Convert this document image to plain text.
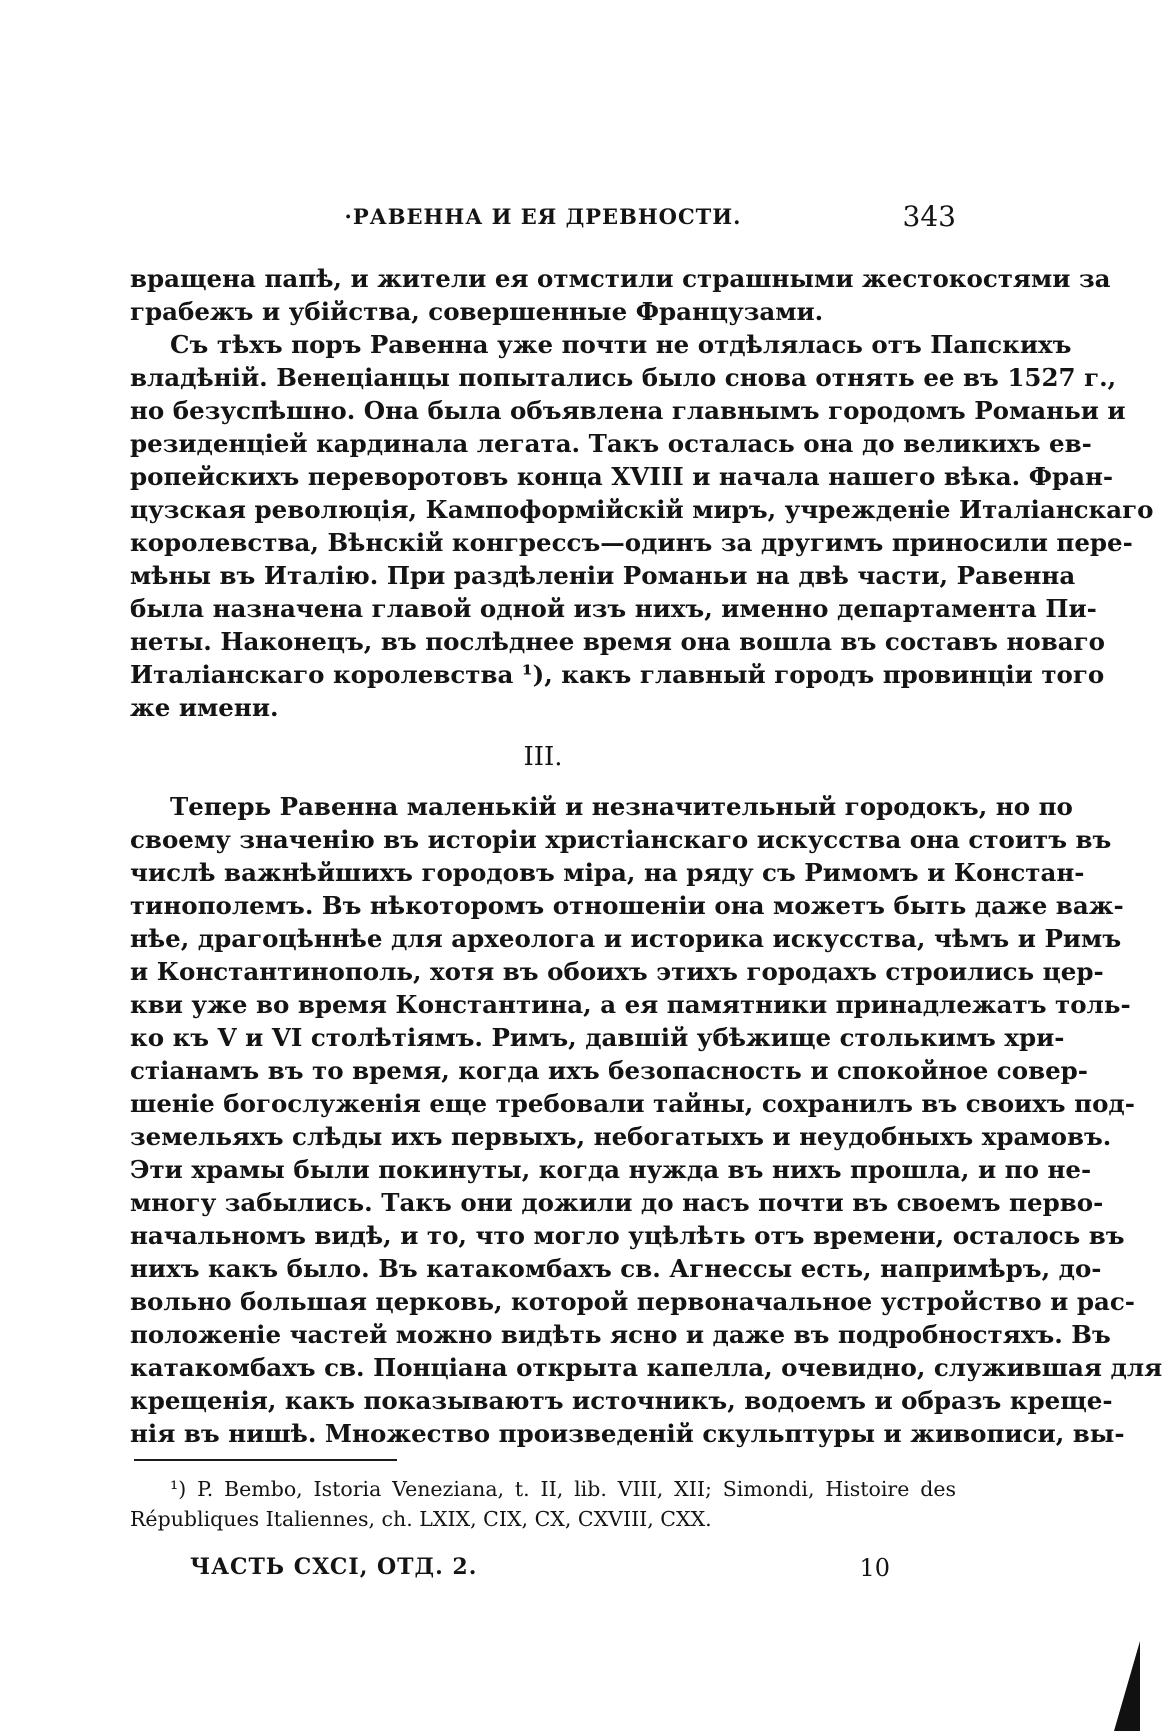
·РАВЕННА И ЕЯ ДРЕВНОСТИ.	343
вращена папѣ, и жители ея отмстили страшными жестокостями за
грабежъ и убійства, совершенные Французами.
Съ тѣхъ поръ Равенна уже почти не отдѣлялась отъ Папскихъ
владѣній. Венеціанцы попытались было снова отнять ее въ 1527 г.,
но безуспѣшно. Она была объявлена главнымъ городомъ Романьи и
резиденціей кардинала легата. Такъ осталась она до великихъ ев-
ропейскихъ переворотовъ конца XVIII и начала нашего вѣка. Фран-
цузская революція, Кампоформійскій миръ, учрежденіе Италіанскаго
королевства, Вѣнскій конгрессъ—одинъ за другимъ приносили пере-
мѣны въ Италію. При раздѣленіи Романьи на двѣ части, Равенна
была назначена главой одной изъ нихъ, именно департамента Пи-
неты. Наконецъ, въ послѣднее время она вошла въ составъ новаго
Италіанскаго королевства ¹), какъ главный городъ провинціи того
же имени.
III.
Теперь Равенна маленькій и незначительный городокъ, но по
своему значенію въ исторіи христіанскаго искусства она стоитъ въ
числѣ важнѣйшихъ городовъ міра, на ряду съ Римомъ и Констан-
тинополемъ. Въ нѣкоторомъ отношеніи она можетъ быть даже важ-
нѣе, драгоцѣннѣе для археолога и историка искусства, чѣмъ и Римъ
и Константинополь, хотя въ обоихъ этихъ городахъ строились цер-
кви уже во время Константина, а ея памятники принадлежатъ толь-
ко къ V и VI столѣтіямъ. Римъ, давшій убѣжище столькимъ хри-
стіанамъ въ то время, когда ихъ безопасность и спокойное совер-
шеніе богослуженія еще требовали тайны, сохранилъ въ своихъ под-
земельяхъ слѣды ихъ первыхъ, небогатыхъ и неудобныхъ храмовъ.
Эти храмы были покинуты, когда нужда въ нихъ прошла, и по не-
многу забылись. Такъ они дожили до насъ почти въ своемъ перво-
начальномъ видѣ, и то, что могло уцѣлѣть отъ времени, осталось въ
нихъ какъ было. Въ катакомбахъ св. Агнессы есть, напримѣръ, до-
вольно большая церковь, которой первоначальное устройство и рас-
положеніе частей можно видѣть ясно и даже въ подробностяхъ. Въ
катакомбахъ св. Понціана открыта капелла, очевидно, служившая для
крещенія, какъ показываютъ источникъ, водоемъ и образъ креще-
нія въ нишѣ. Множество произведеній скульптуры и живописи, вы-
¹) P. Bembo, Istoria Veneziana, t. II, lib. VIII, XII; Simondi, Histoire des
Républiques Italiennes, ch. LXIX, CIX, CX, CXVIII, CXX.
ЧАСТЬ CXCI, ОТД. 2.	10
